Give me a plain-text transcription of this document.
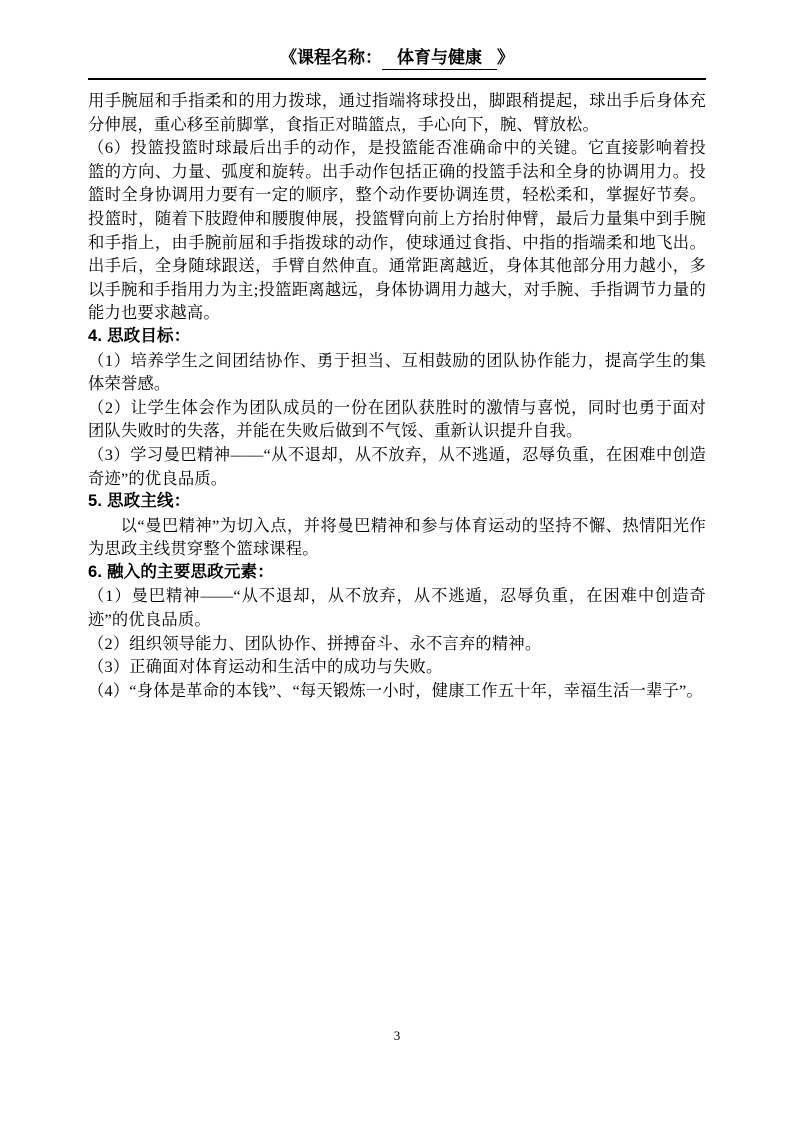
《课程名称： 体育与健康 》

用手腕屈和手指柔和的用力拨球，通过指端将球投出，脚跟稍提起，球出手后身体充分伸展，重心移至前脚掌，食指正对瞄篮点，手心向下，腕、臂放松。

（6）投篮投篮时球最后出手的动作，是投篮能否准确命中的关键。它直接影响着投篮的方向、力量、弧度和旋转。出手动作包括正确的投篮手法和全身的协调用力。投篮时全身协调用力要有一定的顺序，整个动作要协调连贯，轻松柔和，掌握好节奏。投篮时，随着下肢蹬伸和腰腹伸展，投篮臂向前上方抬肘伸臂，最后力量集中到手腕和手指上，由手腕前屈和手指拨球的动作，使球通过食指、中指的指端柔和地飞出。出手后，全身随球跟送，手臂自然伸直。通常距离越近，身体其他部分用力越小，多以手腕和手指用力为主;投篮距离越远，身体协调用力越大，对手腕、手指调节力量的能力也要求越高。

4. 思政目标：

（1）培养学生之间团结协作、勇于担当、互相鼓励的团队协作能力，提高学生的集体荣誉感。

（2）让学生体会作为团队成员的一份在团队获胜时的激情与喜悦，同时也勇于面对团队失败时的失落，并能在失败后做到不气馁、重新认识提升自我。

（3）学习曼巴精神——“从不退却，从不放弃，从不逃遁，忍辱负重，在困难中创造奇迹”的优良品质。

5. 思政主线：

以“曼巴精神”为切入点，并将曼巴精神和参与体育运动的坚持不懈、热情阳光作为思政主线贯穿整个篮球课程。

6. 融入的主要思政元素：

（1）曼巴精神——“从不退却，从不放弃，从不逃遁，忍辱负重，在困难中创造奇迹”的优良品质。

（2）组织领导能力、团队协作、拼搏奋斗、永不言弃的精神。

（3）正确面对体育运动和生活中的成功与失败。

（4）“身体是革命的本钱”、“每天锻炼一小时，健康工作五十年，幸福生活一辈子”。

3
